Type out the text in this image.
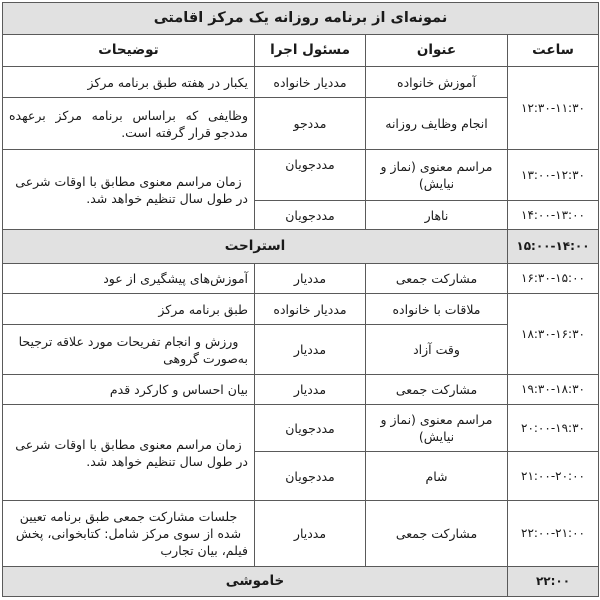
نمونه‌ای از برنامه روزانه یک مرکز اقامتی			
ساعت	عنوان	مسئول اجرا	توضیحات
۱۲:۳۰-۱۱:۳۰	آموزش خانواده	مددیار خانواده	یکبار در هفته طبق برنامه مرکز
	انجام وظایف روزانه	مددجو	وظایفی که براساس برنامه مرکز برعهده مددجو قرار گرفته است.
۱۳:۰۰-۱۲:۳۰	مراسم معنوی (نماز و نیایش)	مددجویان	زمان مراسم معنوی مطابق با اوقات شرعی در طول سال تنظیم خواهد شد.
۱۴:۰۰-۱۳:۰۰	ناهار	مددجویان	
۱۵:۰۰-۱۴:۰۰	استراحت		
۱۶:۳۰-۱۵:۰۰	مشارکت جمعی	مددیار	آموزش‌های پیشگیری از عود
۱۸:۳۰-۱۶:۳۰	ملاقات با خانواده	مددیار خانواده	طبق برنامه مرکز
	وقت آزاد	مددیار	ورزش و انجام تفریحات مورد علاقه ترجیحا به‌صورت گروهی
۱۹:۳۰-۱۸:۳۰	مشارکت جمعی	مددیار	بیان احساس و کارکرد قدم
۲۰:۰۰-۱۹:۳۰	مراسم معنوی (نماز و نیایش)	مددجویان	زمان مراسم معنوی مطابق با اوقات شرعی در طول سال تنظیم خواهد شد.
۲۱:۰۰-۲۰:۰۰	شام	مددجویان	
۲۲:۰۰-۲۱:۰۰	مشارکت جمعی	مددیار	جلسات مشارکت جمعی طبق برنامه تعیین شده از سوی مرکز شامل: کتابخوانی، پخش فیلم، بیان تجارب
۲۲:۰۰	خاموشی		
